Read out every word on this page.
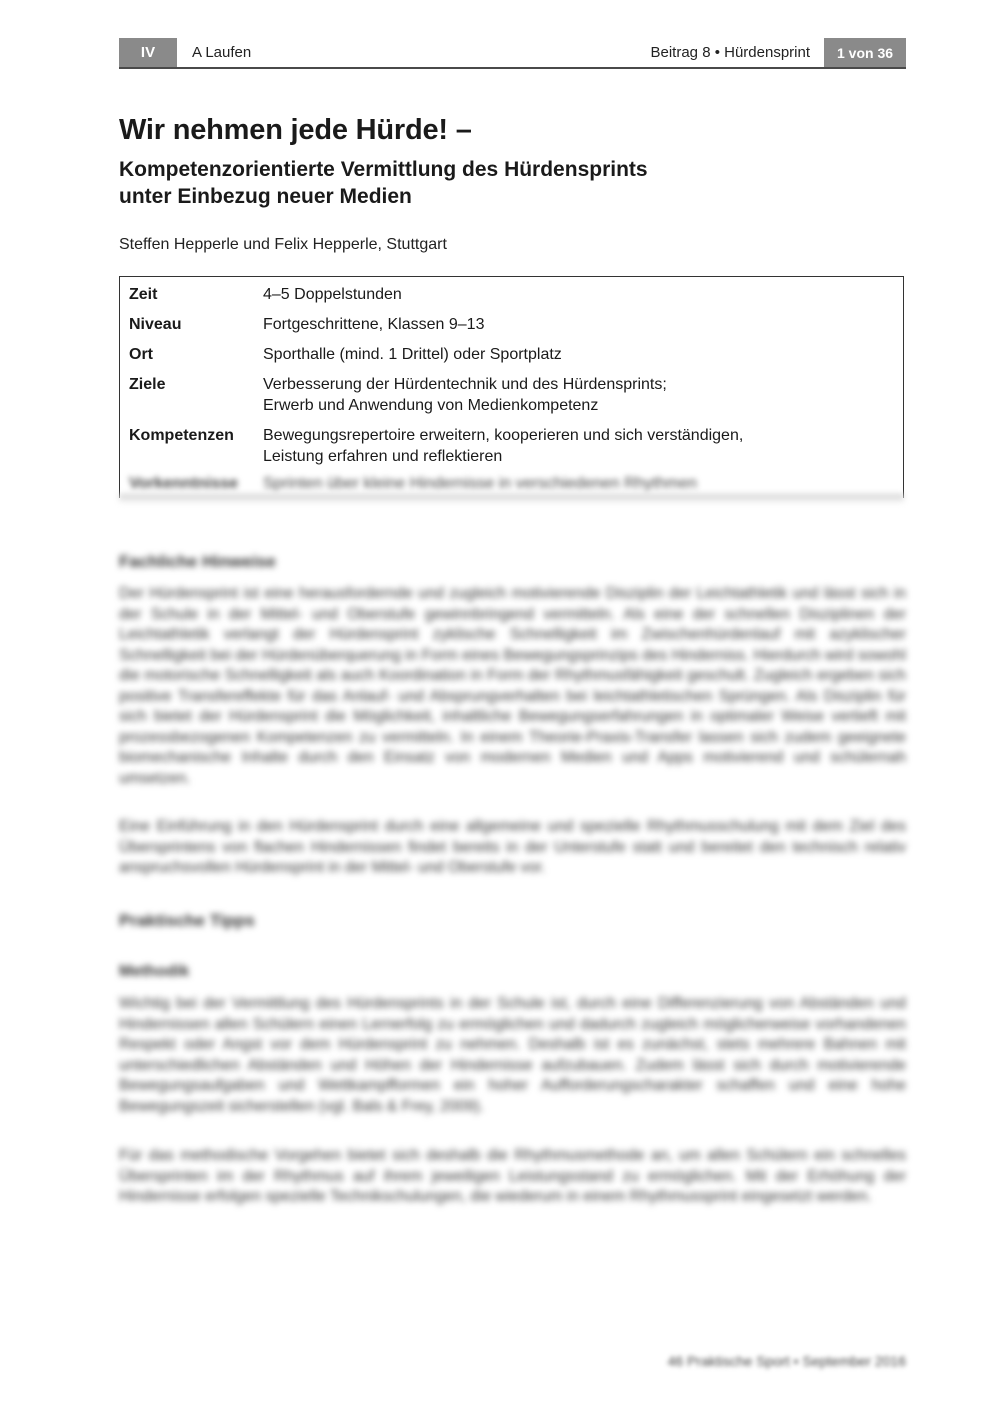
IV	A Laufen	Beitrag 8 • Hürdensprint	1 von 36
Wir nehmen jede Hürde! –
Kompetenzorientierte Vermittlung des Hürdensprints
unter Einbezug neuer Medien
Steffen Hepperle und Felix Hepperle, Stuttgart
Zeit	4–5 Doppelstunden
Niveau	Fortgeschrittene, Klassen 9–13
Ort	Sporthalle (mind. 1 Drittel) oder Sportplatz
Ziele	Verbesserung der Hürdentechnik und des Hürdensprints;
Erwerb und Anwendung von Medienkompetenz
Kompetenzen Bewegungsrepertoire erweitern, kooperieren und sich verständigen,
Leistung erfahren und reflektieren
Vorkenntnisse Sprinten über kleine Hindernisse in verschiedenen Rhythmen
Fachliche Hinweise
Der Hürdensprint ist eine herausfordernde und zugleich motivierende Disziplin der Leichtathletik und lässt sich in der Schule in der Mittel- und Oberstufe gewinnbringend vermitteln. Als eine der schnellen Disziplinen der Leichtathletik verlangt der Hürdensprint zyklische Schnelligkeit im Zwischenhürdenlauf mit azyklischer Schnelligkeit bei der Hürdenüberquerung in Form eines Bewegungsprinzips des Hinderniss. Hierdurch wird sowohl die motorische Schnelligkeit als auch Koordination in Form der Rhythmusfähigkeit geschult. Zugleich ergeben sich positive Transfereffekte für das Anlauf- und Absprungverhalten bei leichtathletischen Sprüngen. Als Disziplin für sich bietet der Hürdensprint die Möglichkeit, inhaltliche Bewegungserfahrungen in optimaler Weise vertieft mit prozessbezogenen Kompetenzen zu vermitteln. In einem Theorie-Praxis-Transfer lassen sich zudem geeignete biomechanische Inhalte durch den Einsatz von modernen Medien und Apps motivierend und schülernah umsetzen.
Eine Einführung in den Hürdensprint durch eine allgemeine und spezielle Rhythmusschulung mit dem Ziel des Übersprintens von flachen Hindernissen findet bereits in der Unterstufe statt und bereitet den technisch relativ anspruchsvollen Hürdensprint in der Mittel- und Oberstufe vor.
Praktische Tipps
Methodik
Wichtig bei der Vermittlung des Hürdensprints in der Schule ist, durch eine Differenzierung von Abständen und Hindernissen allen Schülern einen Lernerfolg zu ermöglichen und dadurch zugleich möglicherweise vorhandenen Respekt oder Angst vor dem Hürdensprint zu nehmen. Deshalb ist es zunächst, stets mehrere Bahnen mit unterschiedlichen Abständen und Höhen der Hindernisse aufzubauen. Zudem lässt sich durch motivierende Bewegungsaufgaben und Wettkampfformen ein hoher Aufforderungscharakter schaffen und eine hohe Bewegungszeit sicherstellen (vgl. Bals & Frey, 2009).
Für das methodische Vorgehen bietet sich deshalb die Rhythmusmethode an, um allen Schülern ein schnelles Übersprinten im der Rhythmus auf ihrem jeweiligen Leistungsstand zu ermöglichen. Mit der Erhöhung der Hindernisse erfolgen spezielle Technikschulungen, die wiederum in einem Rhythmussprint eingesetzt werden.
46 Praktische Sport • September 2016
